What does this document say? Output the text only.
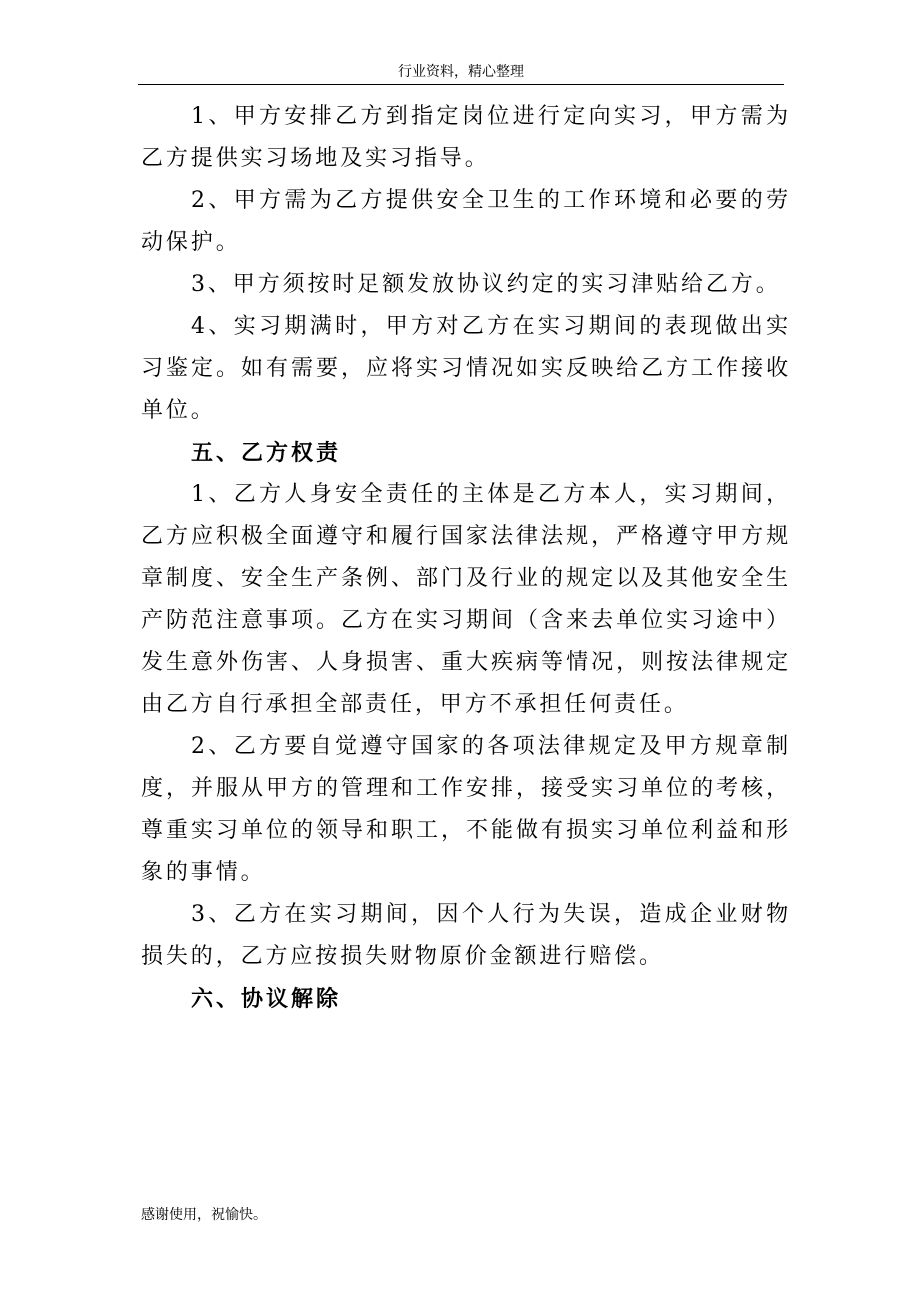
行业资料，精心整理

1、甲方安排乙方到指定岗位进行定向实习，甲方需为乙方提供实习场地及实习指导。

2、甲方需为乙方提供安全卫生的工作环境和必要的劳动保护。

3、甲方须按时足额发放协议约定的实习津贴给乙方。

4、实习期满时，甲方对乙方在实习期间的表现做出实习鉴定。如有需要，应将实习情况如实反映给乙方工作接收单位。

五、乙方权责

1、乙方人身安全责任的主体是乙方本人，实习期间，乙方应积极全面遵守和履行国家法律法规，严格遵守甲方规章制度、安全生产条例、部门及行业的规定以及其他安全生产防范注意事项。乙方在实习期间（含来去单位实习途中）发生意外伤害、人身损害、重大疾病等情况，则按法律规定由乙方自行承担全部责任，甲方不承担任何责任。

2、乙方要自觉遵守国家的各项法律规定及甲方规章制度，并服从甲方的管理和工作安排，接受实习单位的考核，尊重实习单位的领导和职工，不能做有损实习单位利益和形象的事情。

3、乙方在实习期间，因个人行为失误，造成企业财物损失的，乙方应按损失财物原价金额进行赔偿。

六、协议解除

感谢使用，祝愉快。
